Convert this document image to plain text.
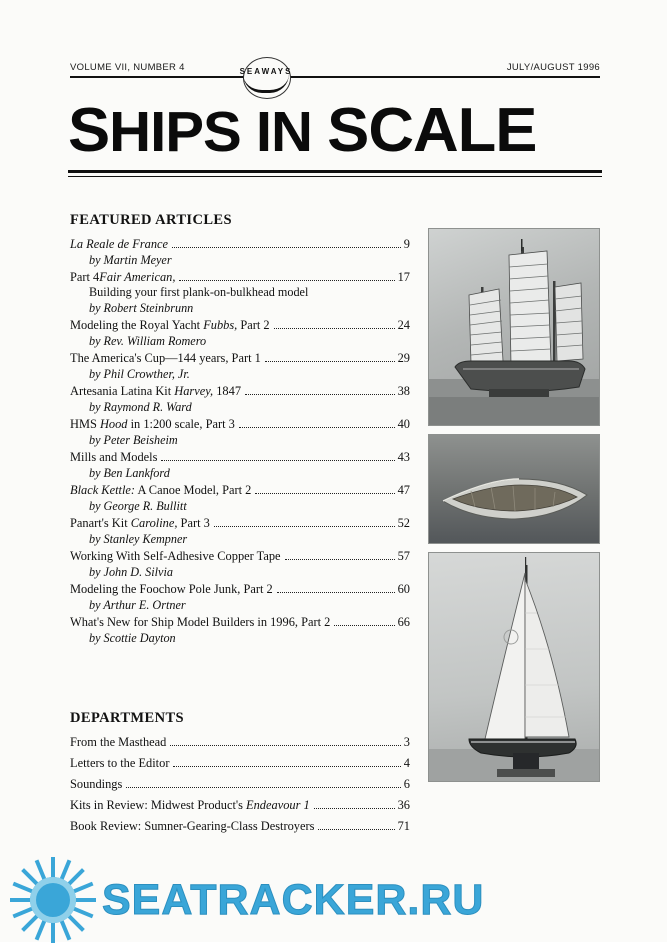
VOLUME VII, NUMBER 4	JULY/AUGUST 1996
SEAWAYS
SHIPS IN SCALE
FEATURED ARTICLES
La Reale de France	9
by Martin Meyer
Part 4Fair American,	17
Building your first plank-on-bulkhead model
by Robert Steinbrunn
Modeling the Royal Yacht Fubbs, Part 2	24
by Rev. William Romero
The America's Cup—144 years, Part 1	29
by Phil Crowther, Jr.
Artesania Latina Kit Harvey, 1847	38
by Raymond R. Ward
HMS Hood in 1:200 scale, Part 3	40
by Peter Beisheim
Mills and Models	43
by Ben Lankford
Black Kettle: A Canoe Model, Part 2	47
by George R. Bullitt
Panart's Kit Caroline, Part 3	52
by Stanley Kempner
Working With Self-Adhesive Copper Tape	57
by John D. Silvia
Modeling the Foochow Pole Junk, Part 2	60
by Arthur E. Ortner
What's New for Ship Model Builders in 1996, Part 2	66
by Scottie Dayton
DEPARTMENTS
From the Masthead	3
Letters to the Editor	4
Soundings	6
Kits in Review: Midwest Product's Endeavour 1	36
Book Review: Sumner-Gearing-Class Destroyers	71
SEATRACKER.RU
